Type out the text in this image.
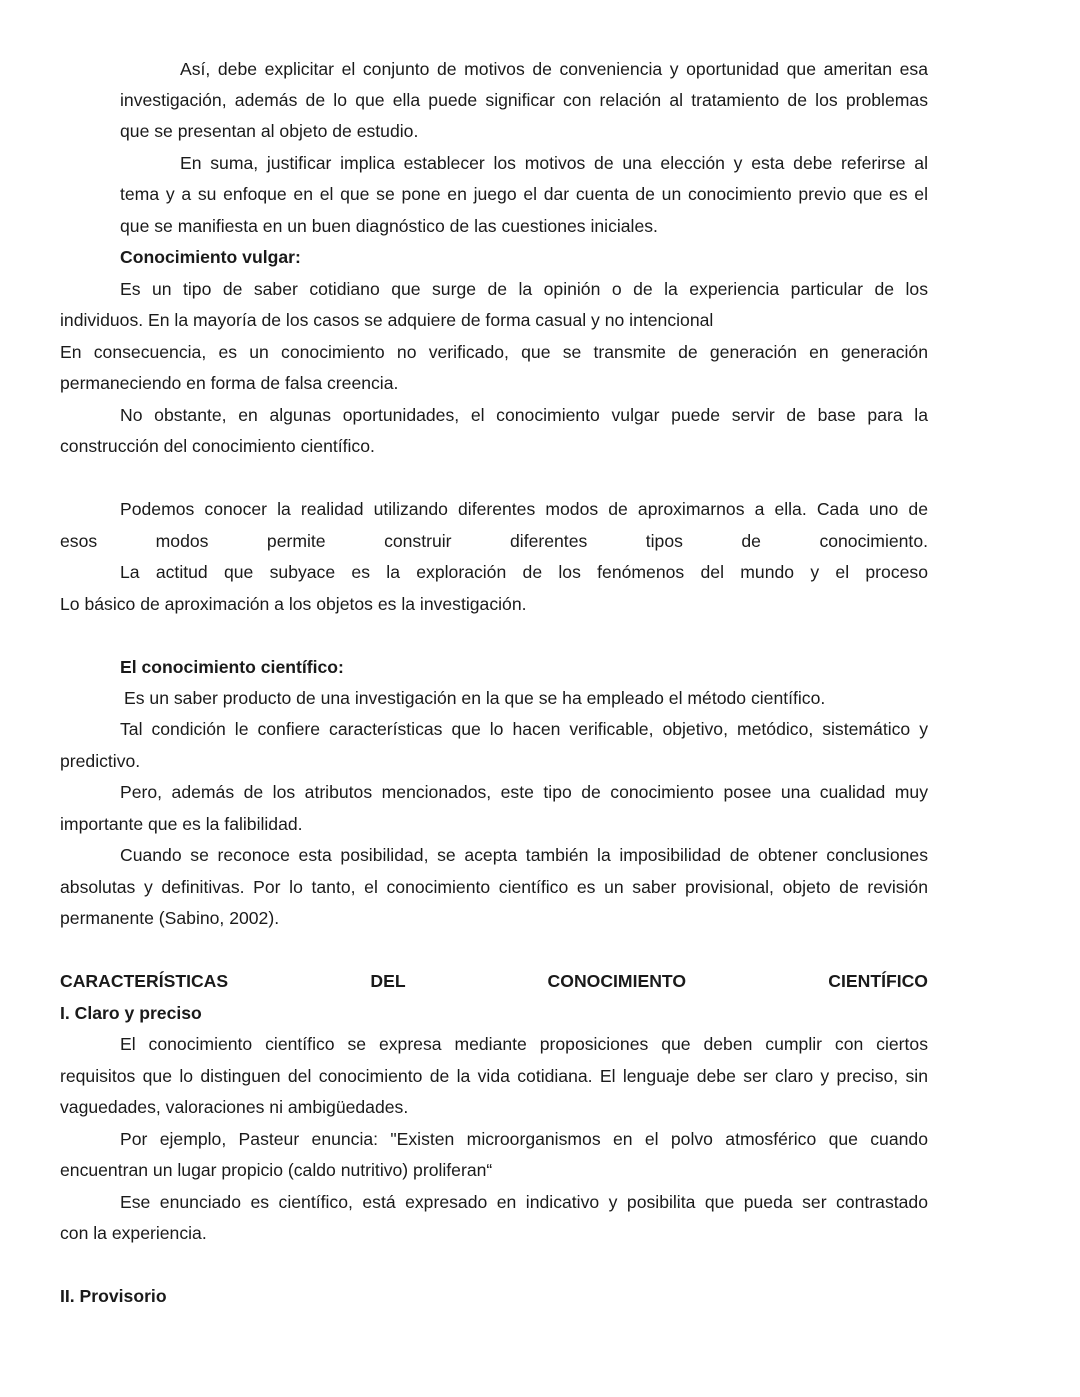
Así, debe explicitar el conjunto de motivos de conveniencia y oportunidad que ameritan esa
investigación, además de lo que ella puede significar con relación al tratamiento de los problemas
que se presentan al objeto de estudio.
En suma, justificar implica establecer los motivos de una elección y esta debe referirse al
tema y a su enfoque en el que se pone en juego el dar cuenta de un conocimiento previo que es el
que se manifiesta en un buen diagnóstico de las cuestiones iniciales.
Conocimiento vulgar:
Es un tipo de saber cotidiano que surge de la opinión o de la experiencia particular de los
individuos. En la mayoría de los casos se adquiere de forma casual y no intencional
En consecuencia, es un conocimiento no verificado, que se transmite de generación en generación
permaneciendo en forma de falsa creencia.
No obstante, en algunas oportunidades, el conocimiento vulgar puede servir de base para la
construcción del conocimiento científico.
Podemos conocer la realidad utilizando diferentes modos de aproximarnos a ella. Cada uno de
esos modos permite construir diferentes tipos de conocimiento.
La actitud que subyace es la exploración de los fenómenos del mundo y el proceso
Lo básico de aproximación a los objetos es la investigación.
El conocimiento científico:
Es un saber producto de una investigación en la que se ha empleado el método científico.
Tal condición le confiere características que lo hacen verificable, objetivo, metódico, sistemático y
predictivo.
Pero, además de los atributos mencionados, este tipo de conocimiento posee una cualidad muy
importante que es la falibilidad.
Cuando se reconoce esta posibilidad, se acepta también la imposibilidad de obtener conclusiones
absolutas y definitivas. Por lo tanto, el conocimiento científico es un saber provisional, objeto de revisión
permanente (Sabino, 2002).
CARACTERÍSTICAS DEL CONOCIMIENTO CIENTÍFICO
I. Claro y preciso
El conocimiento científico se expresa mediante proposiciones que deben cumplir con ciertos
requisitos que lo distinguen del conocimiento de la vida cotidiana. El lenguaje debe ser claro y preciso, sin
vaguedades, valoraciones ni ambigüedades.
Por ejemplo, Pasteur enuncia: "Existen microorganismos en el polvo atmosférico que cuando
encuentran un lugar propicio (caldo nutritivo) proliferan“
Ese enunciado es científico, está expresado en indicativo y posibilita que pueda ser contrastado
con la experiencia.
II. Provisorio
